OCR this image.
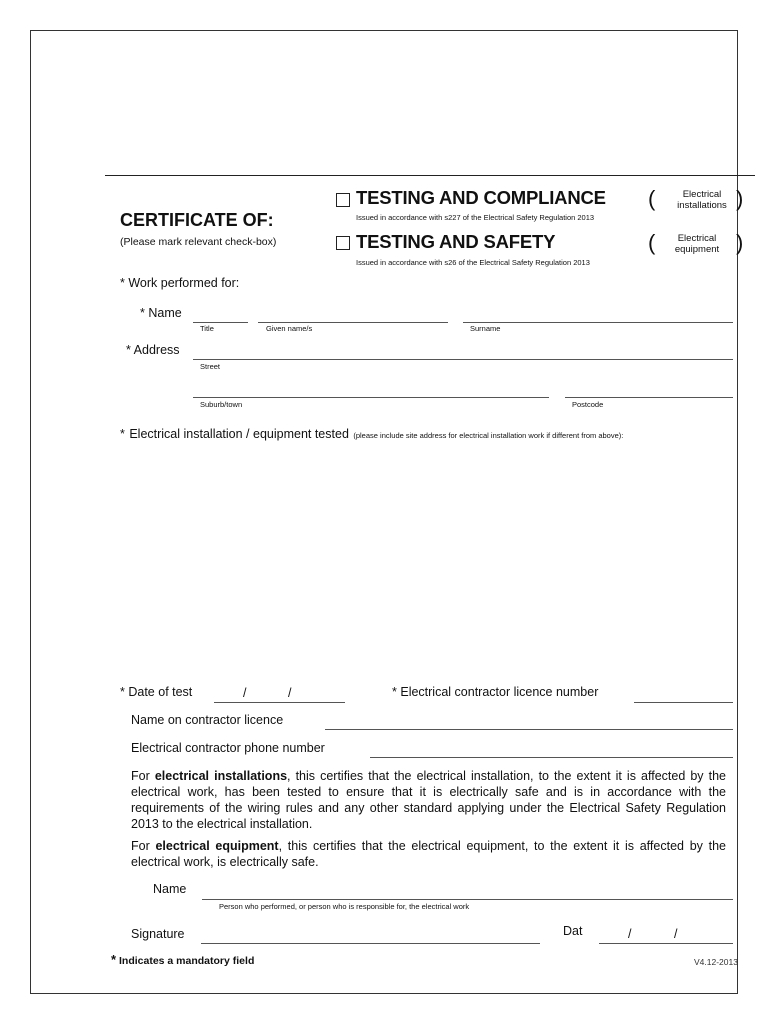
CERTIFICATE OF:
(Please mark relevant check-box)
TESTING AND COMPLIANCE
Issued in accordance with s227 of the Electrical Safety Regulation 2013
(	Electrical installations )
TESTING AND SAFETY
Issued in accordance with s26 of the Electrical Safety Regulation 2013
(	Electrical equipment )
* Work performed for:
* Name
Title	Given name/s	Surname
* Address
Street
Suburb/town	Postcode
* Electrical installation / equipment tested (please include site address for electrical installation work if different from above):
* Date of test	/	/	* Electrical contractor licence number
Name on contractor licence
Electrical contractor phone number
For electrical installations, this certifies that the electrical installation, to the extent it is affected by the electrical work, has been tested to ensure that it is electrically safe and is in accordance with the requirements of the wiring rules and any other standard applying under the Electrical Safety Regulation 2013 to the electrical installation.
For electrical equipment, this certifies that the electrical equipment, to the extent it is affected by the electrical work, is electrically safe.
Name
Person who performed, or person who is responsible for, the electrical work
Signature	Dat	/	/
* Indicates a mandatory field	V4.12-2013
